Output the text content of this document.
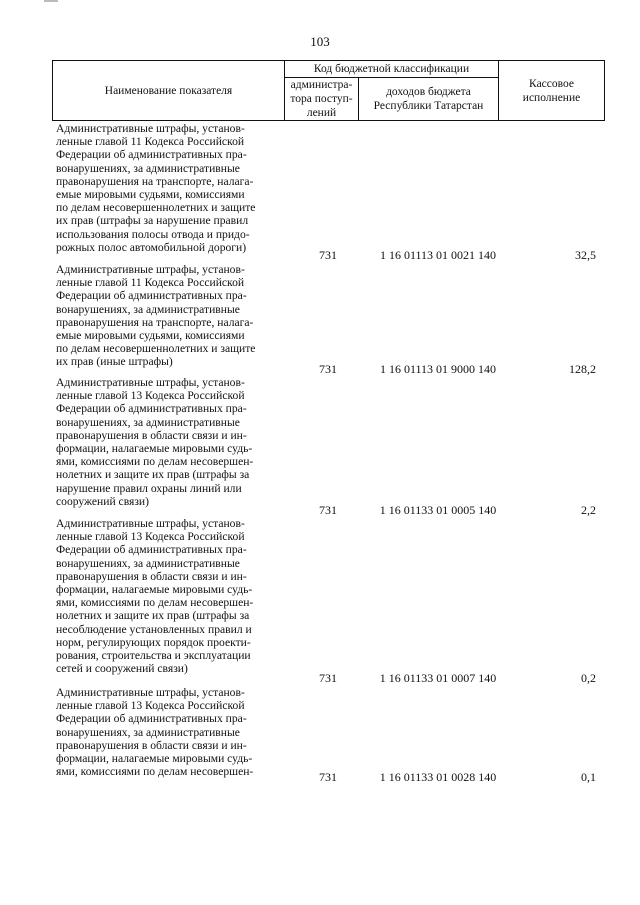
103
Наименование показателя	Код бюджетной классификации		Кассовое
исполнение
	администра-
тора поступ-
лений	доходов бюджета
Республики Татарстан	
Административные штрафы, установ-
ленные главой 11 Кодекса Российской
Федерации об административных пра-
вонарушениях, за административные
правонарушения на транспорте, налага-
емые мировыми судьями, комиссиями
по делам несовершеннолетних и защите
их прав (штрафы за нарушение правил
использования полосы отвода и придо-
рожных полос автомобильной дороги)
731	1 16 01113 01 0021 140	32,5
Административные штрафы, установ-
ленные главой 11 Кодекса Российской
Федерации об административных пра-
вонарушениях, за административные
правонарушения на транспорте, налага-
емые мировыми судьями, комиссиями
по делам несовершеннолетних и защите
их прав (иные штрафы)
731	1 16 01113 01 9000 140	128,2
Административные штрафы, установ-
ленные главой 13 Кодекса Российской
Федерации об административных пра-
вонарушениях, за административные
правонарушения в области связи и ин-
формации, налагаемые мировыми судь-
ями, комиссиями по делам несовершен-
нолетних и защите их прав (штрафы за
нарушение правил охраны линий или
сооружений связи)
731	1 16 01133 01 0005 140	2,2
Административные штрафы, установ-
ленные главой 13 Кодекса Российской
Федерации об административных пра-
вонарушениях, за административные
правонарушения в области связи и ин-
формации, налагаемые мировыми судь-
ями, комиссиями по делам несовершен-
нолетних и защите их прав (штрафы за
несоблюдение установленных правил и
норм, регулирующих порядок проекти-
рования, строительства и эксплуатации
сетей и сооружений связи)
731	1 16 01133 01 0007 140	0,2
Административные штрафы, установ-
ленные главой 13 Кодекса Российской
Федерации об административных пра-
вонарушениях, за административные
правонарушения в области связи и ин-
формации, налагаемые мировыми судь-
ями, комиссиями по делам несовершен-	731	1 16 01133 01 0028 140	0,1
